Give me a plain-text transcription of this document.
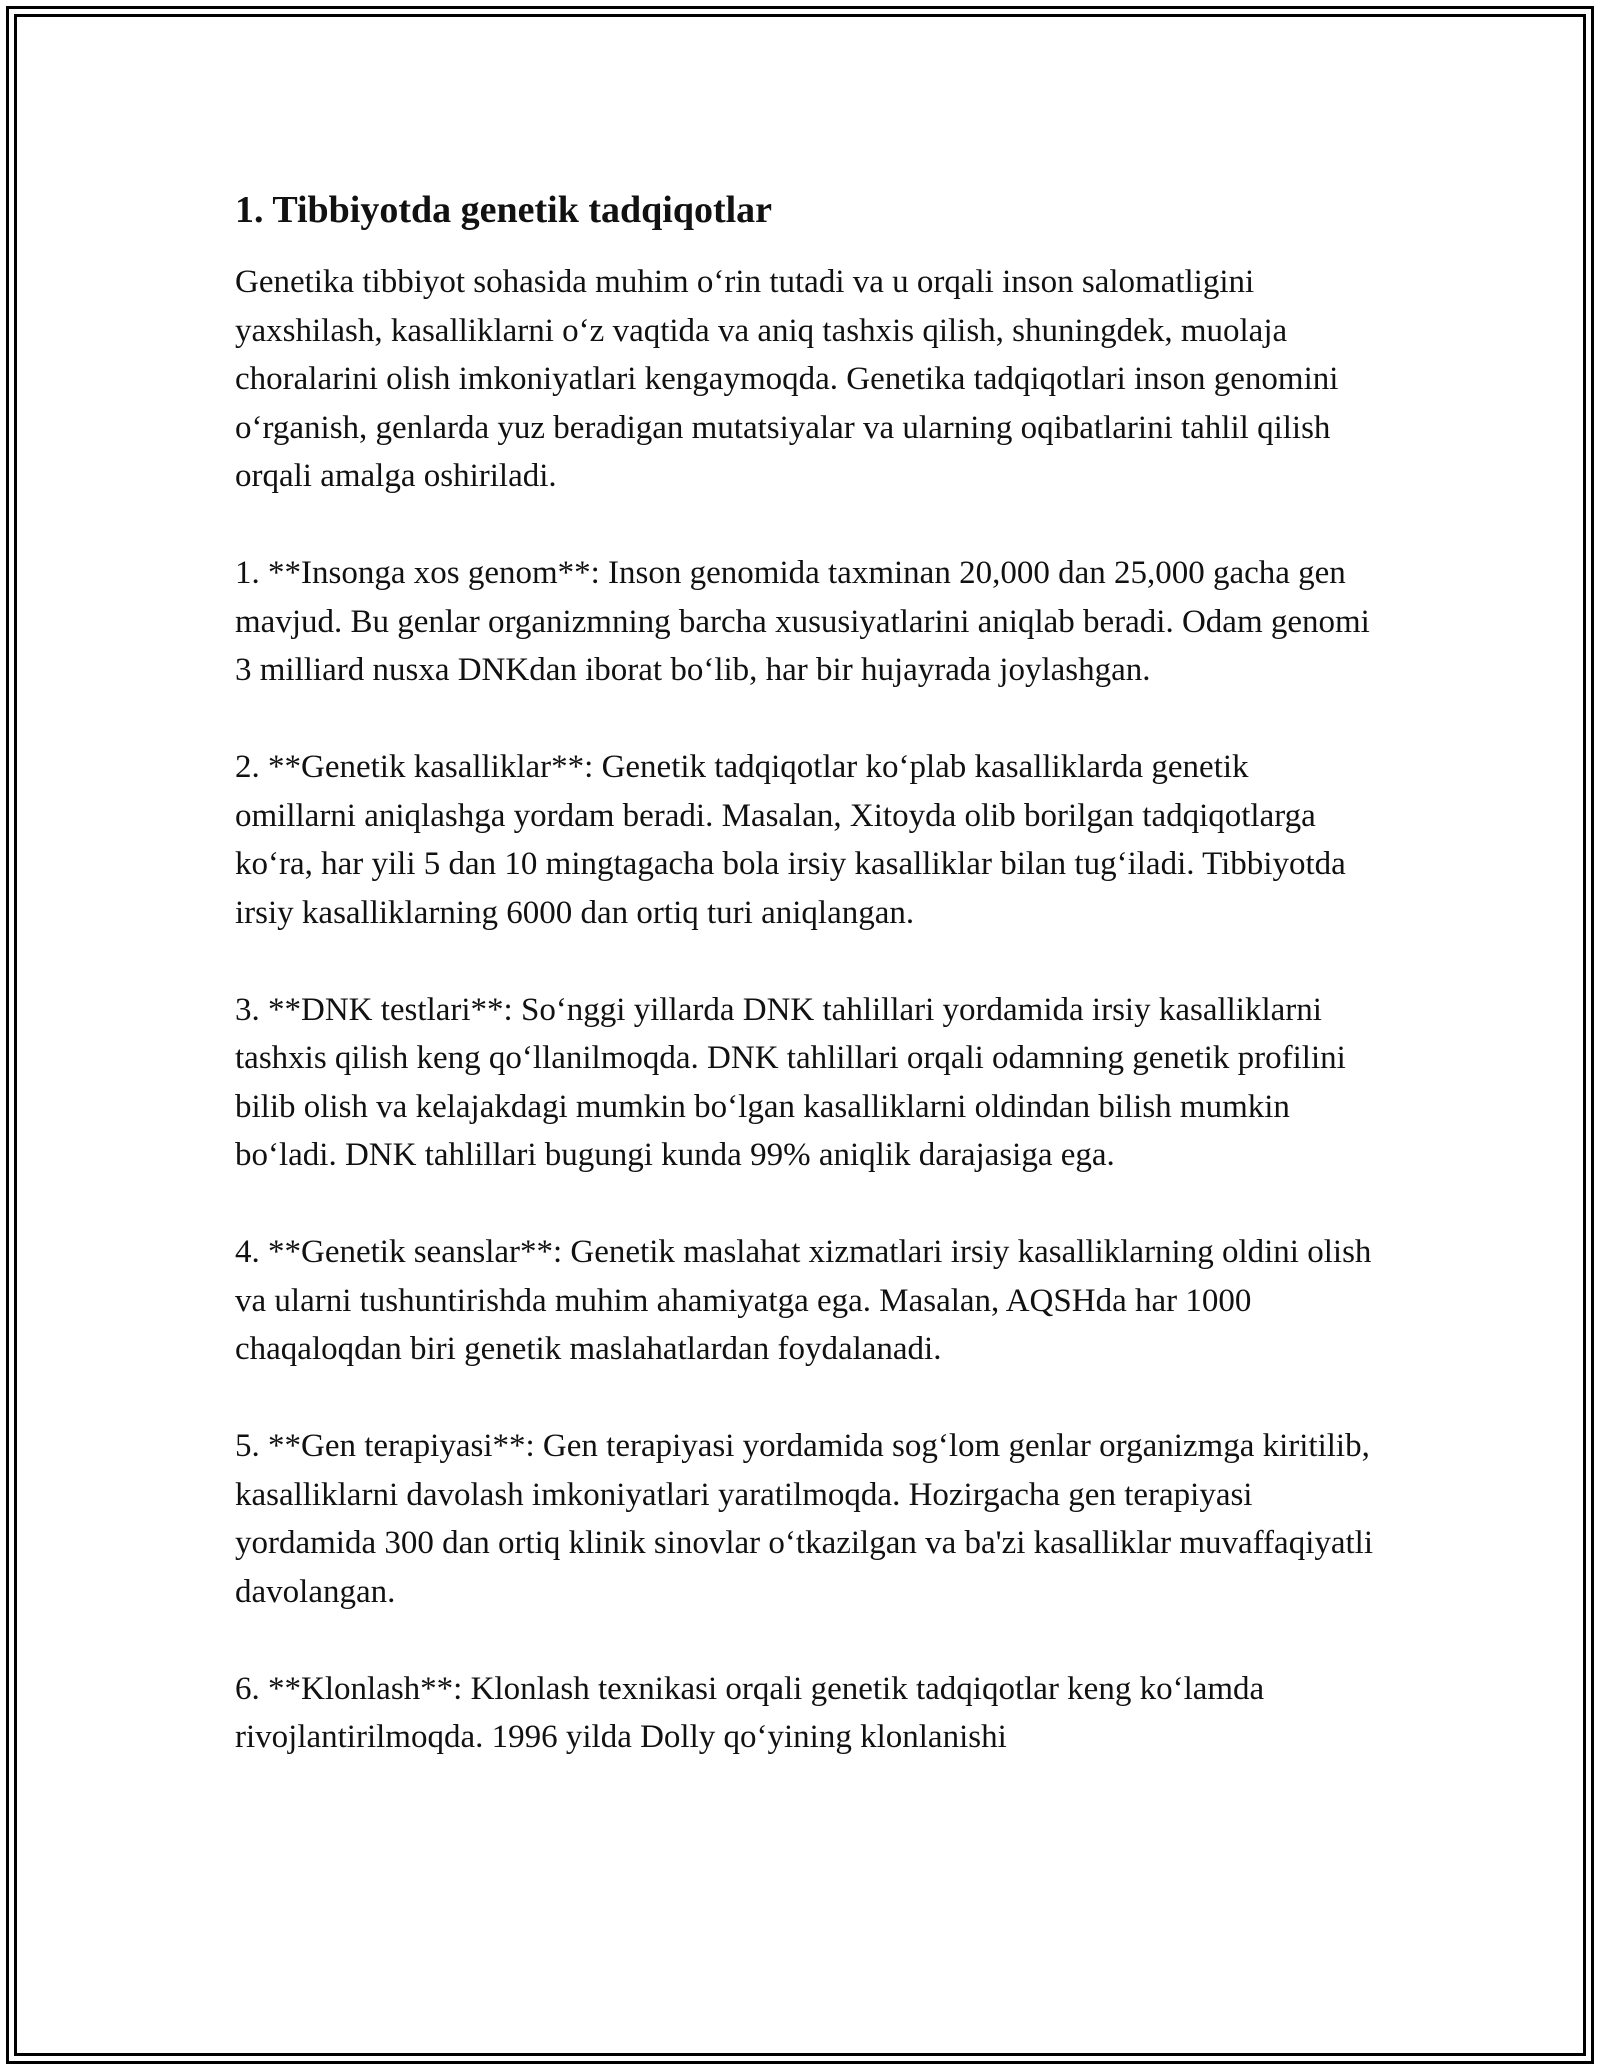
1. Tibbiyotda genetik tadqiqotlar

Genetika tibbiyot sohasida muhim o‘rin tutadi va u orqali inson salomatligini yaxshilash, kasalliklarni o‘z vaqtida va aniq tashxis qilish, shuningdek, muolaja choralarini olish imkoniyatlari kengaymoqda. Genetika tadqiqotlari inson genomini o‘rganish, genlarda yuz beradigan mutatsiyalar va ularning oqibatlarini tahlil qilish orqali amalga oshiriladi.

1. **Insonga xos genom**: Inson genomida taxminan 20,000 dan 25,000 gacha gen mavjud. Bu genlar organizmning barcha xususiyatlarini aniqlab beradi. Odam genomi 3 milliard nusxa DNKdan iborat bo‘lib, har bir hujayrada joylashgan.

2. **Genetik kasalliklar**: Genetik tadqiqotlar ko‘plab kasalliklarda genetik omillarni aniqlashga yordam beradi. Masalan, Xitoyda olib borilgan tadqiqotlarga ko‘ra, har yili 5 dan 10 mingtagacha bola irsiy kasalliklar bilan tug‘iladi. Tibbiyotda irsiy kasalliklarning 6000 dan ortiq turi aniqlangan.

3. **DNK testlari**: So‘nggi yillarda DNK tahlillari yordamida irsiy kasalliklarni tashxis qilish keng qo‘llanilmoqda. DNK tahlillari orqali odamning genetik profilini bilib olish va kelajakdagi mumkin bo‘lgan kasalliklarni oldindan bilish mumkin bo‘ladi. DNK tahlillari bugungi kunda 99% aniqlik darajasiga ega.

4. **Genetik seanslar**: Genetik maslahat xizmatlari irsiy kasalliklarning oldini olish va ularni tushuntirishda muhim ahamiyatga ega. Masalan, AQSHda har 1000 chaqaloqdan biri genetik maslahatlardan foydalanadi.

5. **Gen terapiyasi**: Gen terapiyasi yordamida sog‘lom genlar organizmga kiritilib, kasalliklarni davolash imkoniyatlari yaratilmoqda. Hozirgacha gen terapiyasi yordamida 300 dan ortiq klinik sinovlar o‘tkazilgan va ba'zi kasalliklar muvaffaqiyatli davolangan.

6. **Klonlash**: Klonlash texnikasi orqali genetik tadqiqotlar keng ko‘lamda rivojlantirilmoqda. 1996 yilda Dolly qo‘yining klonlanishi
